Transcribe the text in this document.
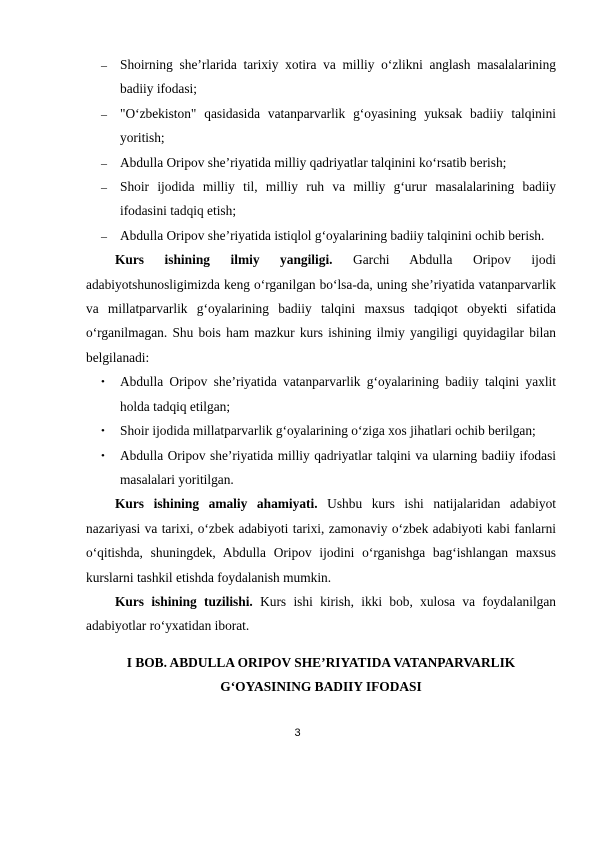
– Shoirning she’rlarida tarixiy xotira va milliy o‘zlikni anglash masalalarining badiiy ifodasi;
– "O‘zbekiston" qasidasida vatanparvarlik g‘oyasining yuksak badiiy talqinini yoritish;
– Abdulla Oripov she’riyatida milliy qadriyatlar talqinini ko‘rsatib berish;
– Shoir ijodida milliy til, milliy ruh va milliy g‘urur masalalarining badiiy ifodasini tadqiq etish;
– Abdulla Oripov she’riyatida istiqlol g‘oyalarining badiiy talqinini ochib berish.

Kurs ishining ilmiy yangiligi. Garchi Abdulla Oripov ijodi adabiyotshunosligimizda keng o‘rganilgan bo‘lsa-da, uning she’riyatida vatanparvarlik va millatparvarlik g‘oyalarining badiiy talqini maxsus tadqiqot obyekti sifatida o‘rganilmagan. Shu bois ham mazkur kurs ishining ilmiy yangiligi quyidagilar bilan belgilanadi:

•	Abdulla Oripov she’riyatida vatanparvarlik g‘oyalarining badiiy talqini yaxlit holda tadqiq etilgan;
•	Shoir ijodida millatparvarlik g‘oyalarining o‘ziga xos jihatlari ochib berilgan;
•	Abdulla Oripov she’riyatida milliy qadriyatlar talqini va ularning badiiy ifodasi masalalari yoritilgan.

Kurs ishining amaliy ahamiyati. Ushbu kurs ishi natijalaridan adabiyot nazariyasi va tarixi, o‘zbek adabiyoti tarixi, zamonaviy o‘zbek adabiyoti kabi fanlarni o‘qitishda, shuningdek, Abdulla Oripov ijodini o‘rganishga bag‘ishlangan maxsus kurslarni tashkil etishda foydalanish mumkin.

Kurs ishining tuzilishi. Kurs ishi kirish, ikki bob, xulosa va foydalanilgan adabiyotlar ro‘yxatidan iborat.

I BOB. ABDULLA ORIPOV SHE’RIYATIDA VATANPARVARLIK
G‘OYASINING BADIIY IFODASI
3
